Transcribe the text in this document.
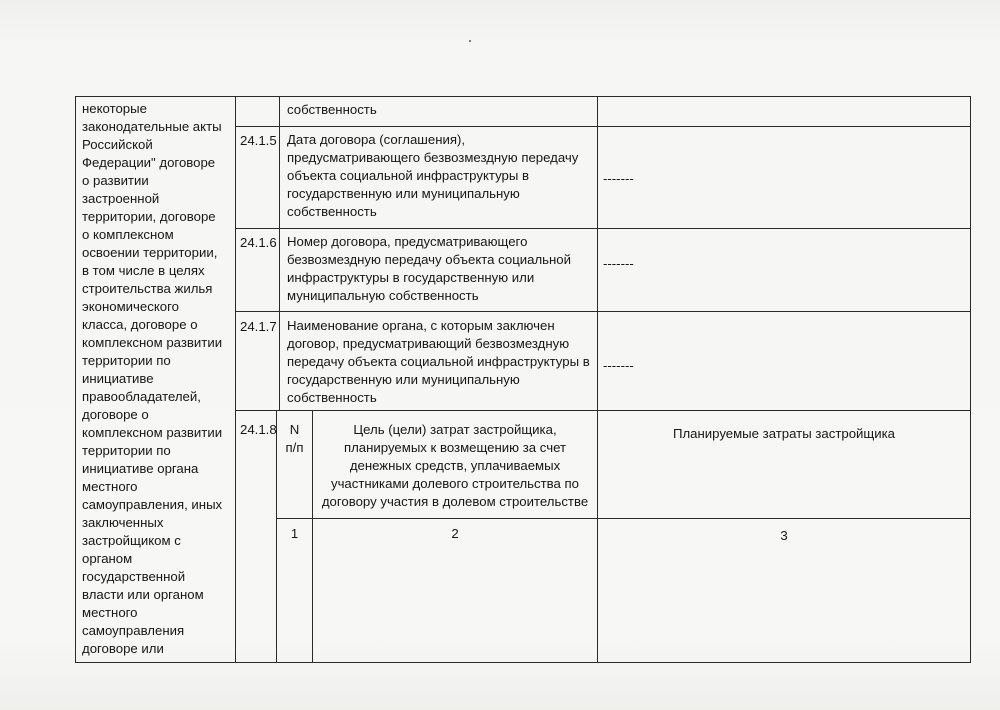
некоторые
законодательные акты
Российской
Федерации" договоре
о развитии
застроенной
территории, договоре
о комплексном
освоении территории,
в том числе в целях
строительства жилья
экономического
класса, договоре о
комплексном развитии
территории по
инициативе
правообладателей,
договоре о
комплексном развитии
территории по
инициативе органа
местного
самоуправления, иных
заключенных
застройщиком с
органом
государственной
власти или органом
местного
самоуправления
договоре или
собственность
24.1.5 Дата договора (соглашения),
предусматривающего безвозмездную передачу
объекта социальной инфраструктуры в
государственную или муниципальную
собственность
-------
24.1.6 Номер договора, предусматривающего
безвозмездную передачу объекта социальной
инфраструктуры в государственную или
муниципальную собственность
-------
24.1.7 Наименование органа, с которым заключен
договор, предусматривающий безвозмездную
передачу объекта социальной инфраструктуры в
государственную или муниципальную
собственность
-------
24.1.8 N
п/п
Цель (цели) затрат застройщика,
планируемых к возмещению за счет
денежных средств, уплачиваемых
участниками долевого строительства по
договору участия в долевом строительстве
Планируемые затраты застройщика
1	2	3
